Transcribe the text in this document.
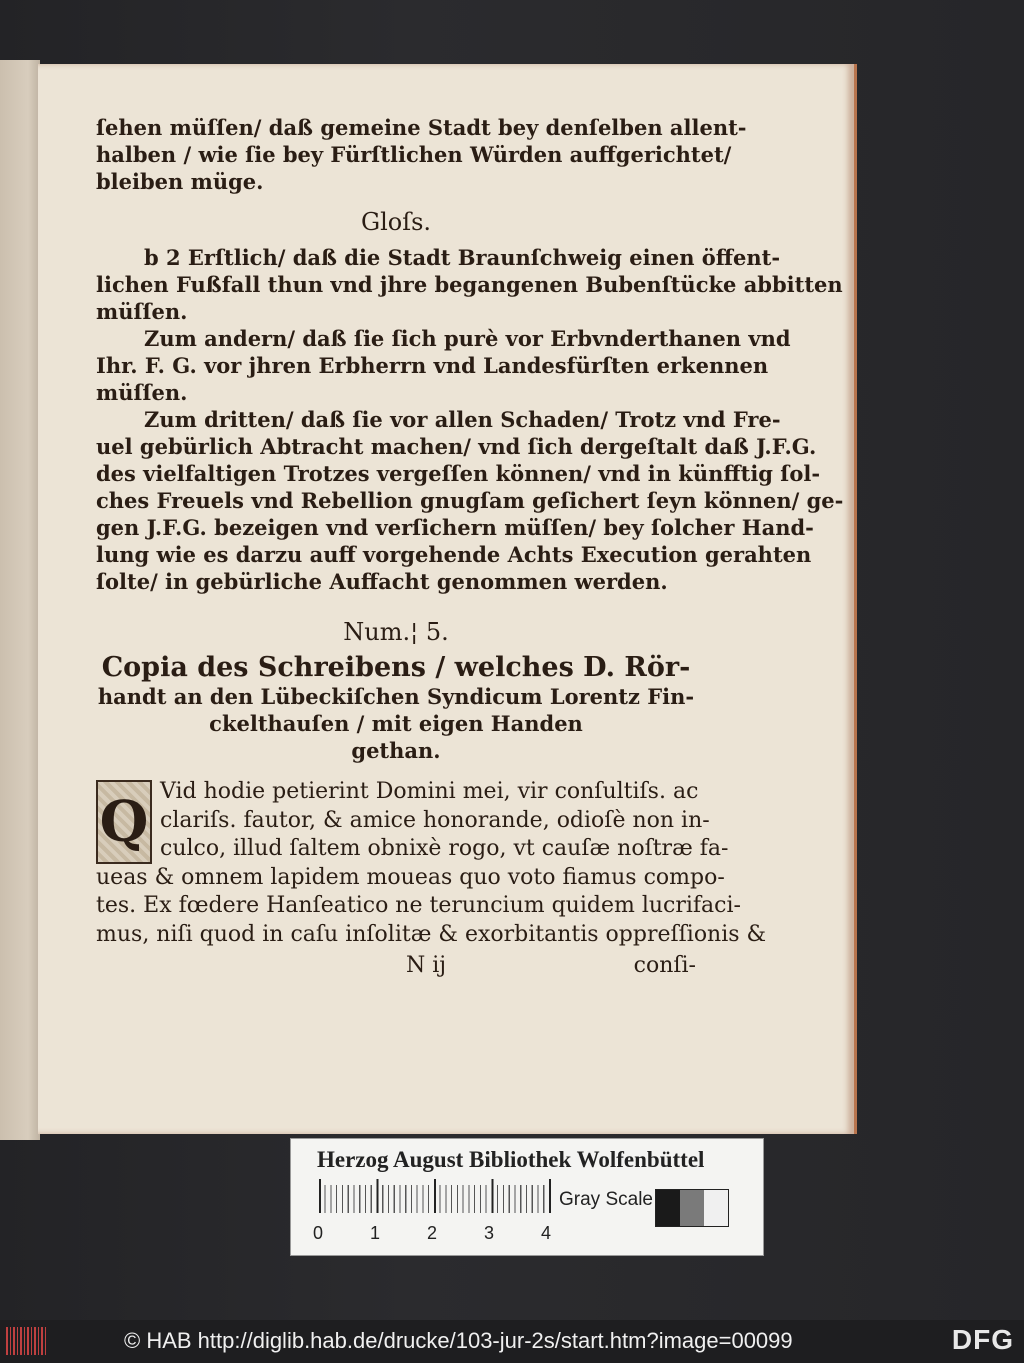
ſehen müſſen/ daß gemeine Stadt bey denſelben allent-
halben / wie ſie bey Fürſtlichen Würden auffgerichtet/
bleiben müge.
Gloſs.
b 2 Erſtlich/ daß die Stadt Braunſchweig einen öffent-
lichen Fußfall thun vnd jhre begangenen Bubenſtücke abbitten
müſſen.
Zum andern/ daß ſie ſich purè vor Erbvnderthanen vnd
Ihr. F. G. vor jhren Erbherrn vnd Landesfürſten erkennen
müſſen.
Zum dritten/ daß ſie vor allen Schaden/ Trotz vnd Fre-
uel gebürlich Abtracht machen/ vnd ſich dergeſtalt daß J.F.G.
des vielfaltigen Trotzes vergeſſen können/ vnd in künfftig ſol-
ches Freuels vnd Rebellion gnugſam geſichert ſeyn können/ ge-
gen J.F.G. bezeigen vnd verſichern müſſen/ bey ſolcher Hand-
lung wie es darzu auff vorgehende Achts Execution gerahten
ſolte/ in gebürliche Auffacht genommen werden.
Num.¦ 5.
Copia des Schreibens / welches D. Rör-
handt an den Lübeckiſchen Syndicum Lorentz Fin-
ckelthauſen / mit eigen Handen
gethan.
Q Vid hodie petierint Domini mei, vir conſultiſs. ac
clariſs. fautor, & amice honorande, odioſè non in-
culco, illud ſaltem obnixè rogo, vt cauſæ noſtræ fa-
ueas & omnem lapidem moueas quo voto fiamus compo-
tes. Ex fœdere Hanſeatico ne teruncium quidem lucrifaci-
mus, niſi quod in caſu inſolitæ & exorbitantis oppreſſionis &
N ij	conſi-
Herzog August Bibliothek Wolfenbüttel
0	1	2	3	4
Gray Scale
© HAB http://diglib.hab.de/drucke/103-jur-2s/start.htm?image=00099	DFG
